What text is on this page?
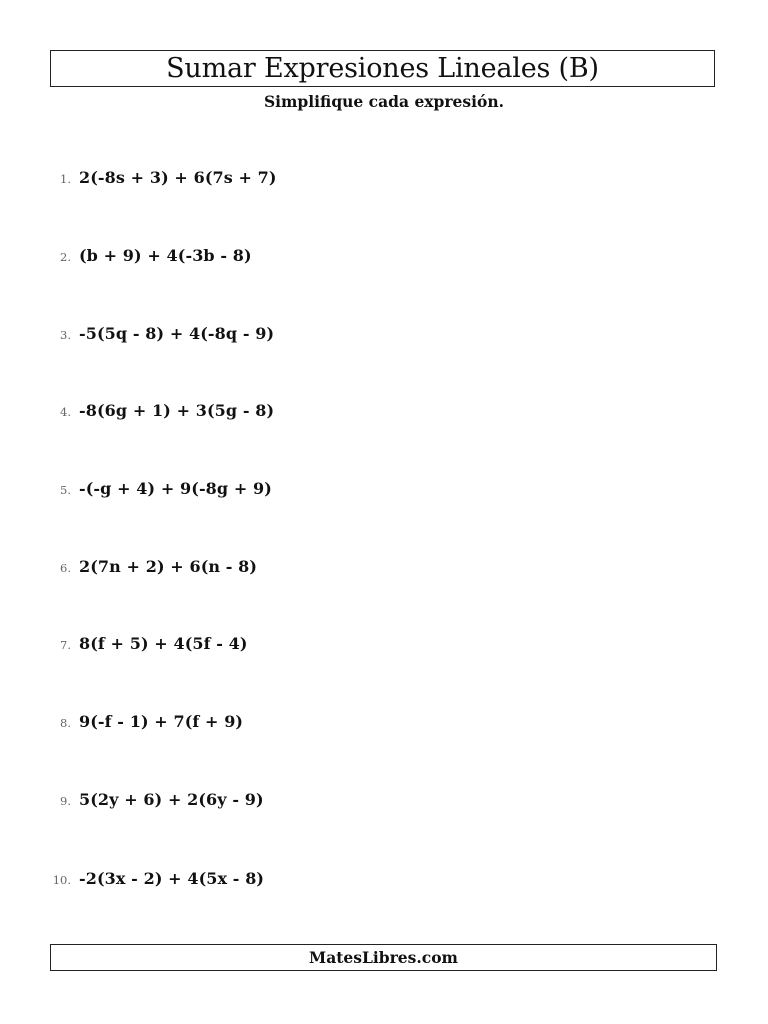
Sumar Expresiones Lineales (B)
Simplifique cada expresión.
1. 2(-8s + 3) + 6(7s + 7)
2. (b + 9) + 4(-3b - 8)
3. -5(5q - 8) + 4(-8q - 9)
4. -8(6g + 1) + 3(5g - 8)
5. -(-g + 4) + 9(-8g + 9)
6. 2(7n + 2) + 6(n - 8)
7. 8(f + 5) + 4(5f - 4)
8. 9(-f - 1) + 7(f + 9)
9. 5(2y + 6) + 2(6y - 9)
10. -2(3x - 2) + 4(5x - 8)
MatesLibres.com
